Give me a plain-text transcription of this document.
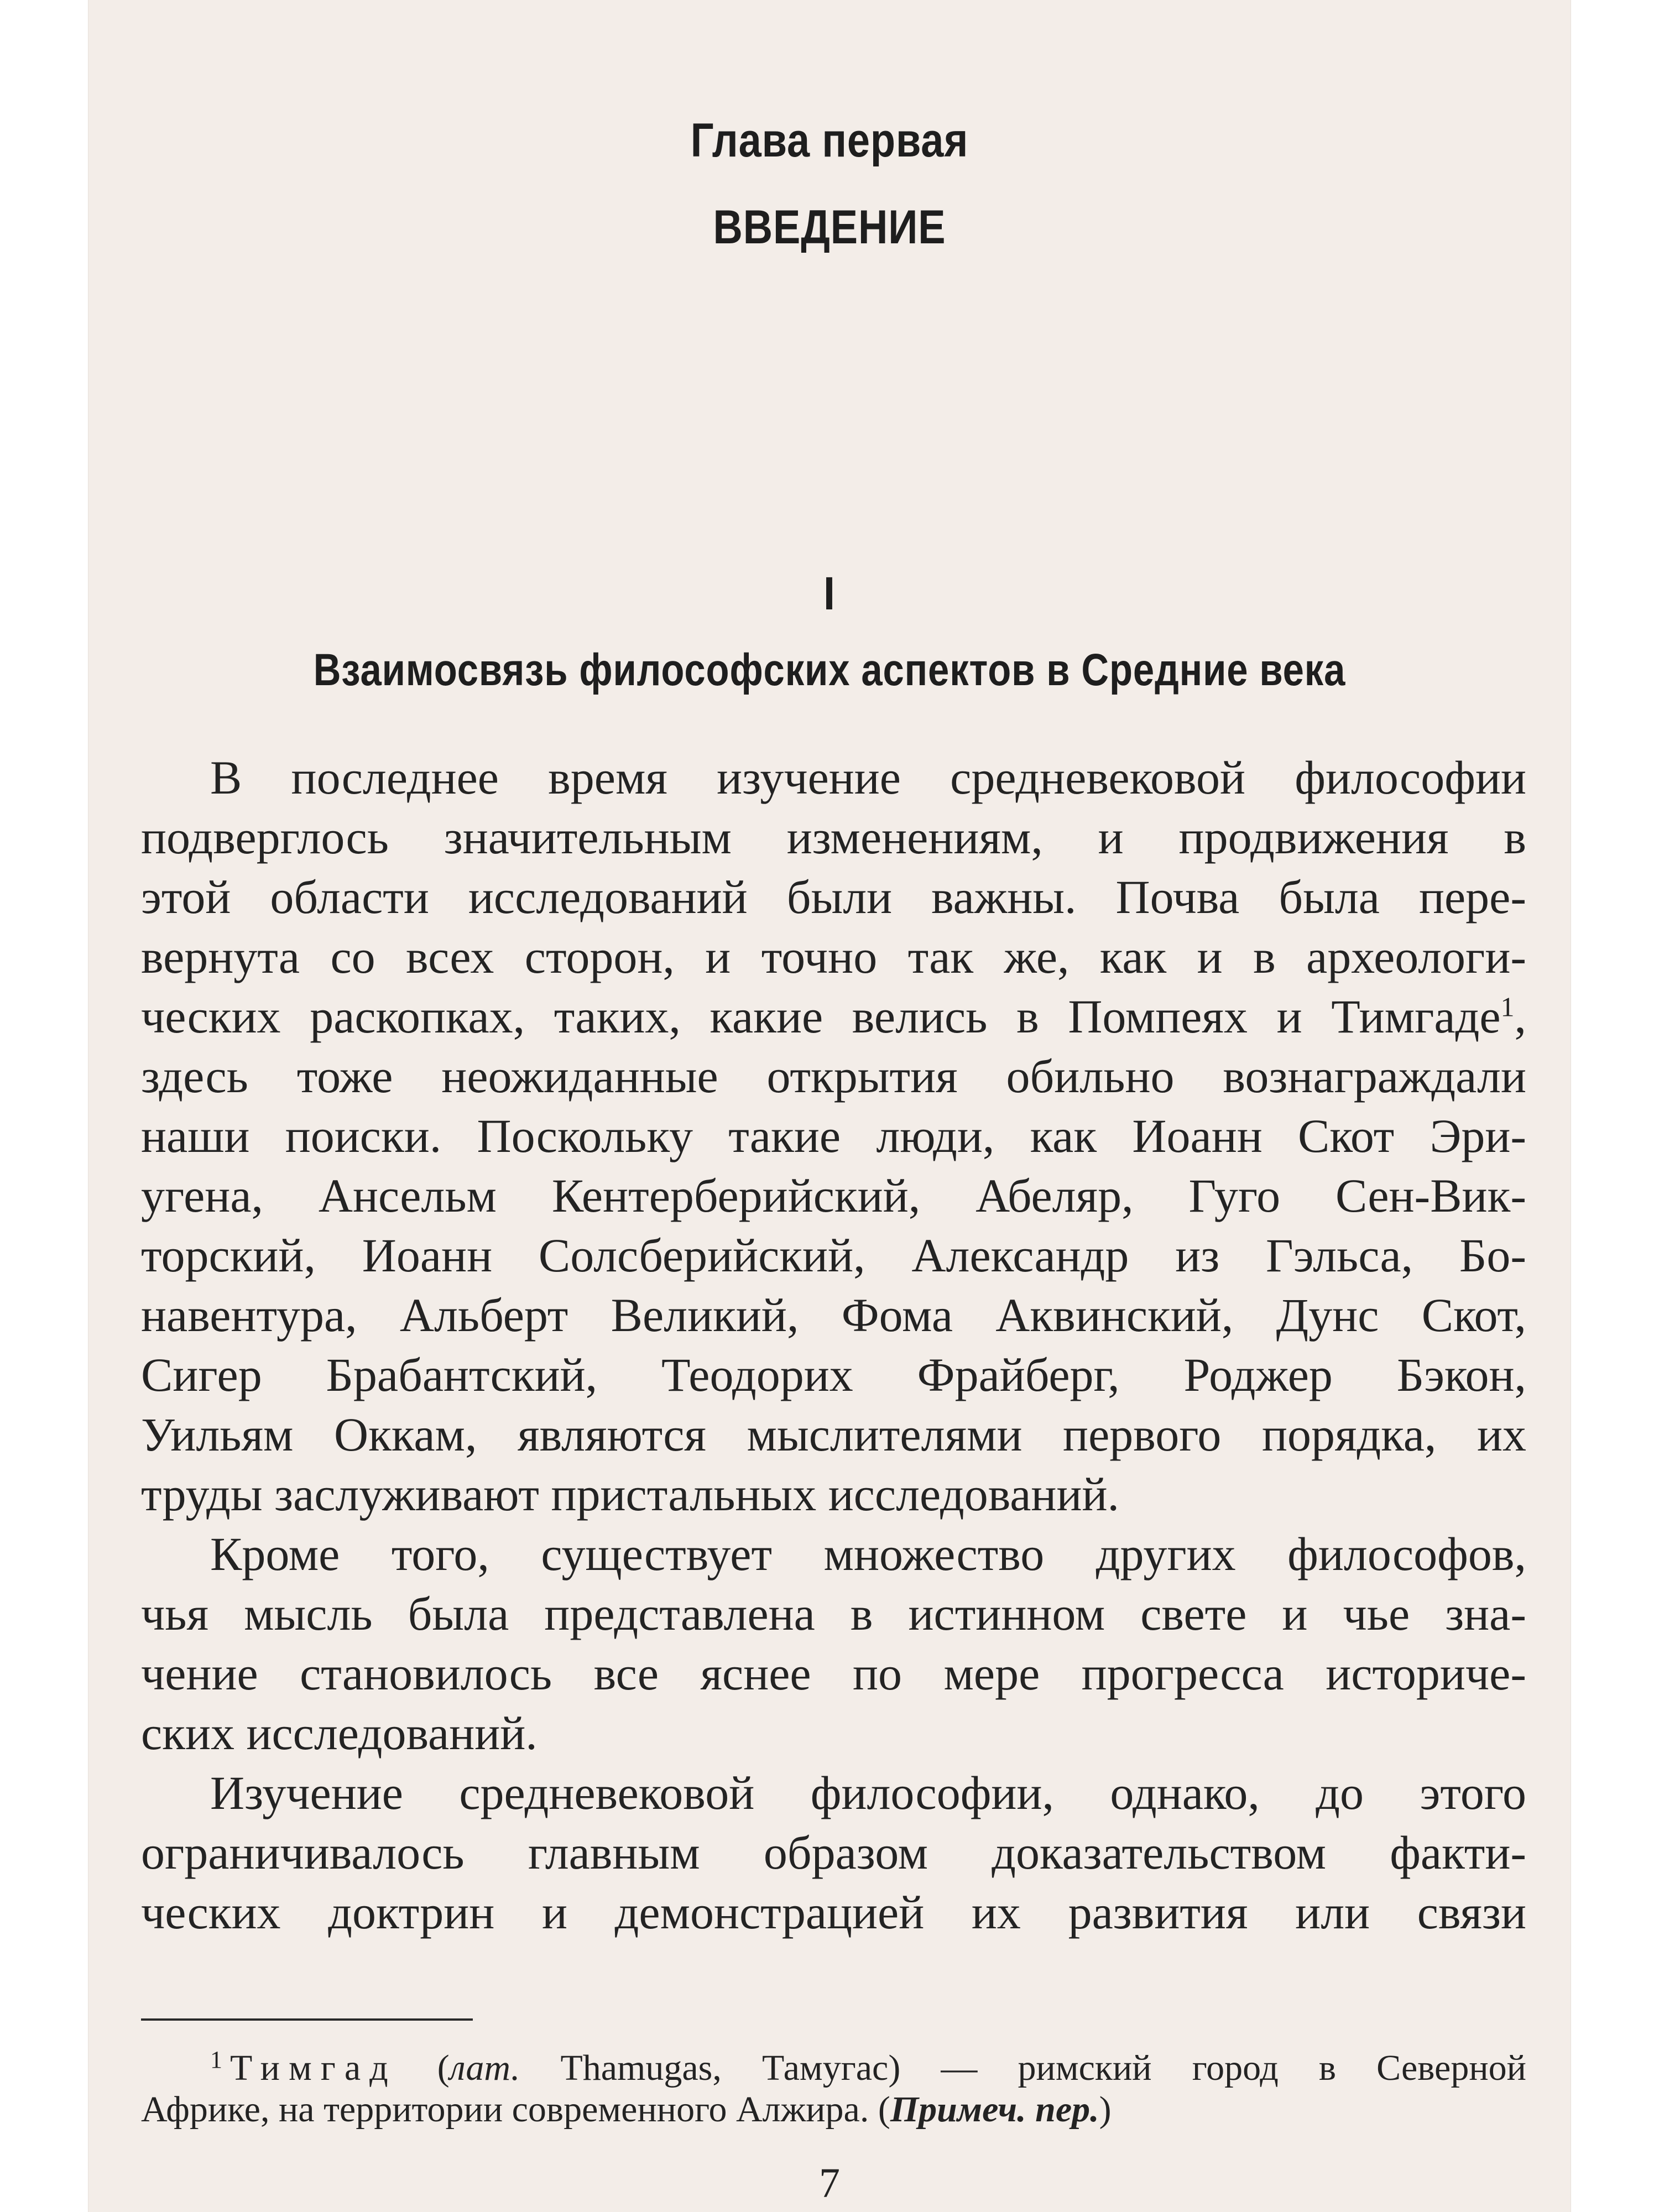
Глава первая
ВВЕДЕНИЕ
I
Взаимосвязь философских аспектов в Средние века
В последнее время изучение средневековой философии
подверглось значительным изменениям, и продвижения в
этой области исследований были важны. Почва была пере-
вернута со всех сторон, и точно так же, как и в археологи-
ческих раскопках, таких, какие велись в Помпеях и Тимгаде$^1$,
здесь тоже неожиданные открытия обильно вознаграждали
наши поиски. Поскольку такие люди, как Иоанн Скот Эри-
угена, Ансельм Кентерберийский, Абеляр, Гуго Сен-Вик-
торский, Иоанн Солсберийский, Александр из Гэльса, Бо-
навентура, Альберт Великий, Фома Аквинский, Дунс Скот,
Сигер Брабантский, Теодорих Фрайберг, Роджер Бэкон,
Уильям Оккам, являются мыслителями первого порядка, их
труды заслуживают пристальных исследований.
Кроме того, существует множество других философов,
чья мысль была представлена в истинном свете и чье зна-
чение становилось все яснее по мере прогресса историче-
ских исследований.
Изучение средневековой философии, однако, до этого
ограничивалось главным образом доказательством факти-
ческих доктрин и демонстрацией их развития или связи
$^1$ Тимгад (лат. Thamugas, Тамугас) — римский город в Северной
Африке, на территории современного Алжира. (Примеч. пер.)
7
